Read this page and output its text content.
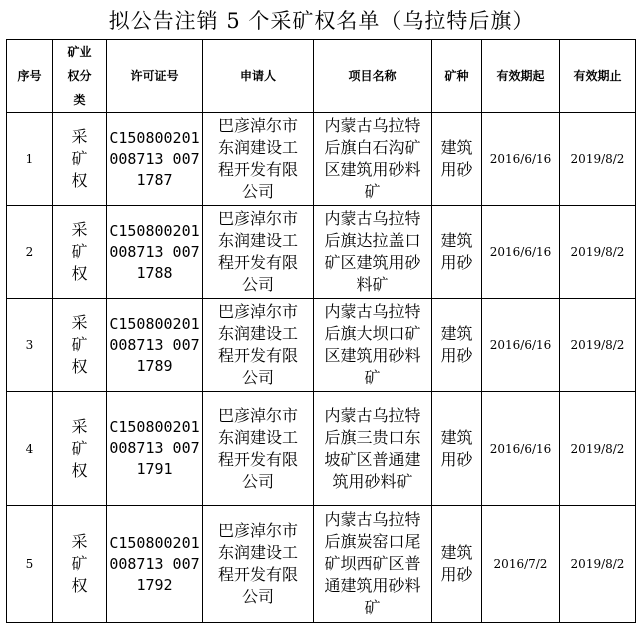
拟公告注销 5 个采矿权名单（乌拉特后旗）
序号	矿业权分类	许可证号	申请人	项目名称	矿种	有效期起	有效期止
1	采矿权	C150800201008713 0071787	巴彦淖尔市东润建设工程开发有限公司	内蒙古乌拉特后旗白石沟矿区建筑用砂料矿	建筑用砂	2016/6/16	2019/8/2
2	采矿权	C150800201008713 0071788	巴彦淖尔市东润建设工程开发有限公司	内蒙古乌拉特后旗达拉盖口矿区建筑用砂料矿	建筑用砂	2016/6/16	2019/8/2
3	采矿权	C150800201008713 0071789	巴彦淖尔市东润建设工程开发有限公司	内蒙古乌拉特后旗大坝口矿区建筑用砂料矿	建筑用砂	2016/6/16	2019/8/2
4	采矿权	C150800201008713 0071791	巴彦淖尔市东润建设工程开发有限公司	内蒙古乌拉特后旗三贵口东坡矿区普通建筑用砂料矿	建筑用砂	2016/6/16	2019/8/2
5	采矿权	C150800201008713 0071792	巴彦淖尔市东润建设工程开发有限公司	内蒙古乌拉特后旗炭窑口尾矿坝西矿区普通建筑用砂料矿	建筑用砂	2016/7/2	2019/8/2
